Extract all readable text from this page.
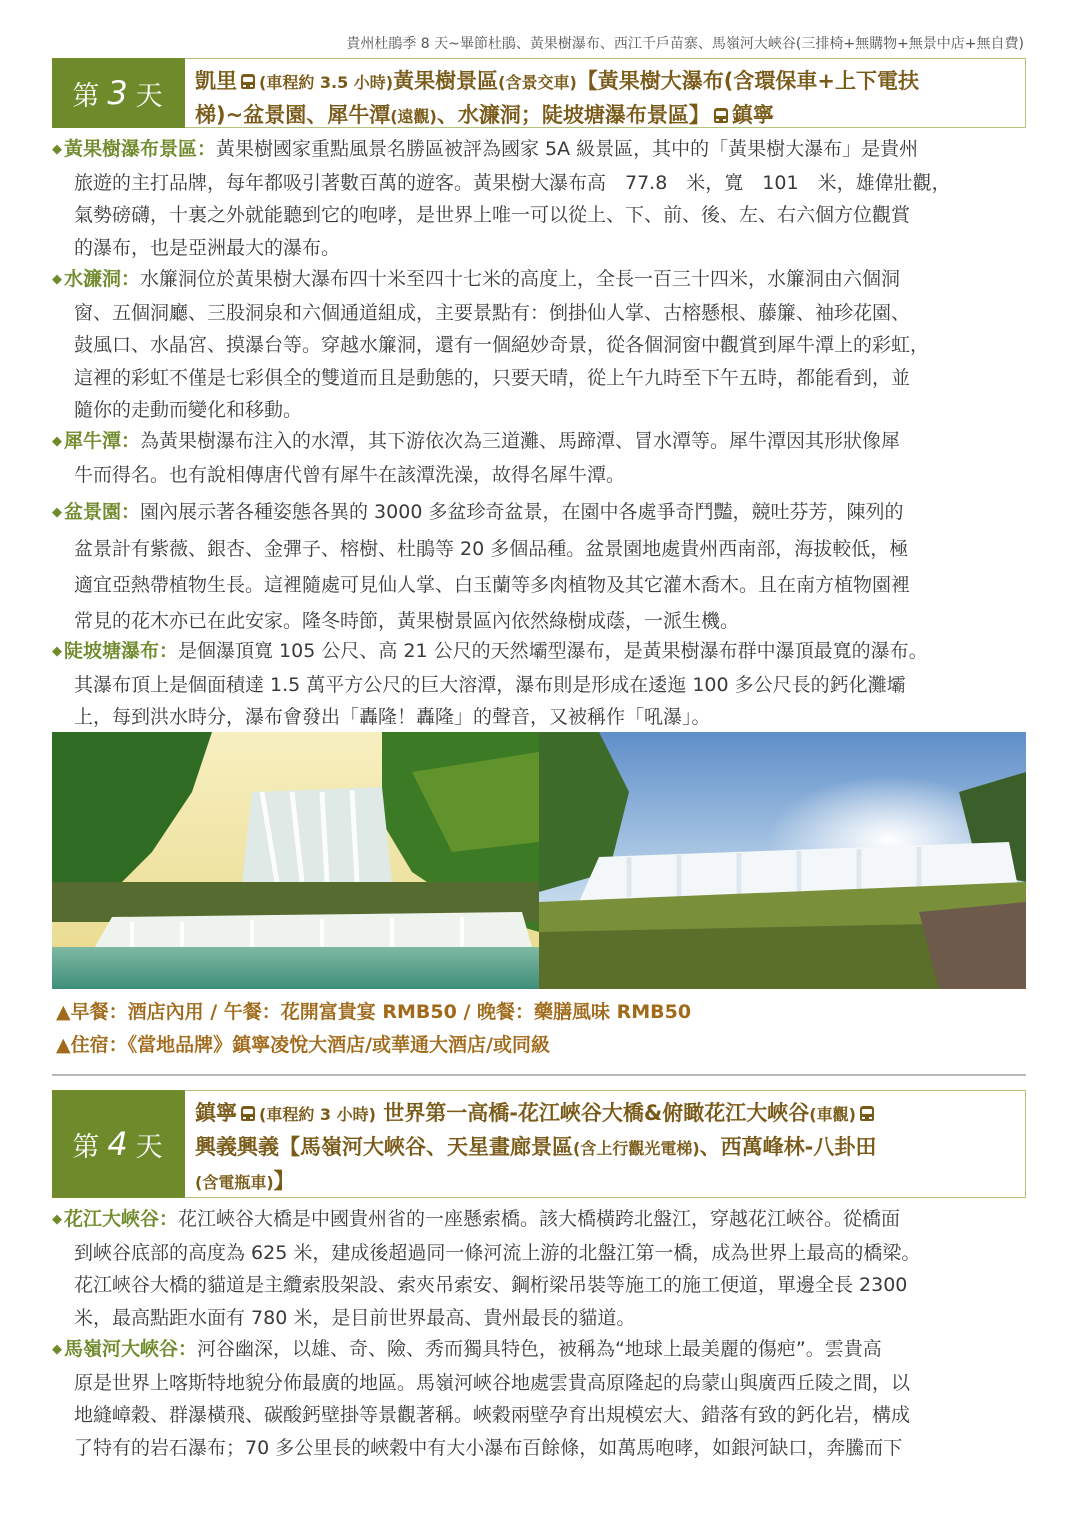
貴州杜鵑季 8 天~畢節杜鵑、黃果樹瀑布、西江千戶苗寨、馬嶺河大峽谷(三排椅+無購物+無景中店+無自費)
第 3 天 凱里 (車程約 3.5 小時)黃果樹景區(含景交車)【黃果樹大瀑布(含環保車+上下電扶
梯)~盆景園、犀牛潭(遠觀)、水濂洞；陡坡塘瀑布景區】 鎮寧
◆ 黃果樹瀑布景區：黃果樹國家重點風景名勝區被評為國家 5A 級景區，其中的「黃果樹大瀑布」是貴州
旅遊的主打品牌，每年都吸引著數百萬的遊客。黃果樹大瀑布高　77.8　米，寬　101　米，雄偉壯觀，
氣勢磅礴，十裏之外就能聽到它的咆哮，是世界上唯一可以從上、下、前、後、左、右六個方位觀賞
的瀑布，也是亞洲最大的瀑布。
◆ 水濂洞：水簾洞位於黃果樹大瀑布四十米至四十七米的高度上，全長一百三十四米，水簾洞由六個洞
窗、五個洞廳、三股洞泉和六個通道組成，主要景點有：倒掛仙人掌、古榕懸根、藤簾、袖珍花園、
鼓風口、水晶宮、摸瀑台等。穿越水簾洞，還有一個絕妙奇景，從各個洞窗中觀賞到犀牛潭上的彩虹，
這裡的彩虹不僅是七彩俱全的雙道而且是動態的，只要天晴，從上午九時至下午五時，都能看到，並
隨你的走動而變化和移動。
◆ 犀牛潭：為黃果樹瀑布注入的水潭，其下游依次為三道灘、馬蹄潭、冒水潭等。犀牛潭因其形狀像犀
牛而得名。也有說相傳唐代曾有犀牛在該潭洗澡，故得名犀牛潭。
◆ 盆景園：園內展示著各種姿態各異的 3000 多盆珍奇盆景，在園中各處爭奇鬥豔，競吐芬芳，陳列的
盆景計有紫薇、銀杏、金彈子、榕樹、杜鵑等 20 多個品種。盆景園地處貴州西南部，海拔較低，極
適宜亞熱帶植物生長。這裡隨處可見仙人掌、白玉蘭等多肉植物及其它灌木喬木。且在南方植物園裡
常見的花木亦已在此安家。隆冬時節，黃果樹景區內依然綠樹成蔭，一派生機。
◆ 陡坡塘瀑布：是個瀑頂寬 105 公尺、高 21 公尺的天然壩型瀑布，是黃果樹瀑布群中瀑頂最寬的瀑布。
其瀑布頂上是個面積達 1.5 萬平方公尺的巨大溶潭，瀑布則是形成在逶迤 100 多公尺長的鈣化灘壩
上，每到洪水時分，瀑布會發出「轟隆！轟隆」的聲音，又被稱作「吼瀑」。
▲早餐：酒店內用 / 午餐：花開富貴宴 RMB50 / 晚餐：藥膳風味 RMB50
▲住宿：《當地品牌》鎮寧凌悅大酒店/或華通大酒店/或同級
第 4 天
鎮寧 (車程約 3 小時) 世界第一高橋-花江峽谷大橋&俯瞰花江大峽谷(車觀)
興義興義【馬嶺河大峽谷、天星畫廊景區(含上行觀光電梯)、西萬峰林-八卦田
(含電瓶車)】
◆ 花江大峽谷：花江峽谷大橋是中國貴州省的一座懸索橋。該大橋橫跨北盤江，穿越花江峽谷。從橋面
到峽谷底部的高度為 625 米，建成後超過同一條河流上游的北盤江第一橋，成為世界上最高的橋梁。
花江峽谷大橋的貓道是主纜索股架設、索夾吊索安、鋼桁梁吊裝等施工的施工便道，單邊全長 2300
米，最高點距水面有 780 米，是目前世界最高、貴州最長的貓道。
◆ 馬嶺河大峽谷：河谷幽深，以雄、奇、險、秀而獨具特色，被稱為“地球上最美麗的傷疤”。雲貴高
原是世界上喀斯特地貌分佈最廣的地區。馬嶺河峽谷地處雲貴高原隆起的烏蒙山與廣西丘陵之間，以
地縫嶂穀、群瀑橫飛、碳酸鈣壁掛等景觀著稱。峽穀兩壁孕育出規模宏大、錯落有致的鈣化岩，構成
了特有的岩石瀑布；70 多公里長的峽穀中有大小瀑布百餘條，如萬馬咆哮，如銀河缺口，奔騰而下
